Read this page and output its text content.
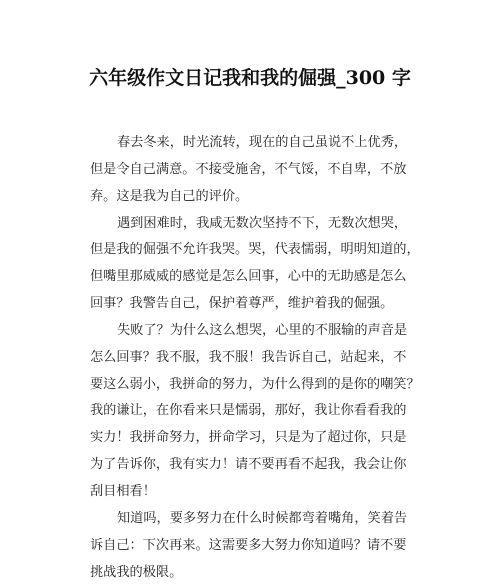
六年级作文日记我和我的倔强_300 字
春去冬来，时光流转，现在的自己虽说不上优秀，
但是令自己满意。不接受施舍，不气馁，不自卑，不放
弃。这是我为自己的评价。
遇到困难时，我咸无数次坚持不下，无数次想哭，
但是我的倔强不允许我哭。哭，代表懦弱，明明知道的，
但嘴里那威威的感觉是怎么回事，心中的无助感是怎么
回事？我警告自己，保护着尊严，维护着我的倔强。
失败了？为什么这么想哭，心里的不服输的声音是
怎么回事？我不服，我不服！我告诉自己，站起来，不
要这么弱小，我拼命的努力，为什么得到的是你的嘲笑？
我的谦让，在你看来只是懦弱，那好，我让你看看我的
实力！我拼命努力，拼命学习，只是为了超过你，只是
为了告诉你，我有实力！请不要再看不起我，我会让你
刮目相看！
知道吗，要多努力在什么时候都弯着嘴角，笑着告
诉自己：下次再来。这需要多大努力你知道吗？请不要
挑战我的极限。
